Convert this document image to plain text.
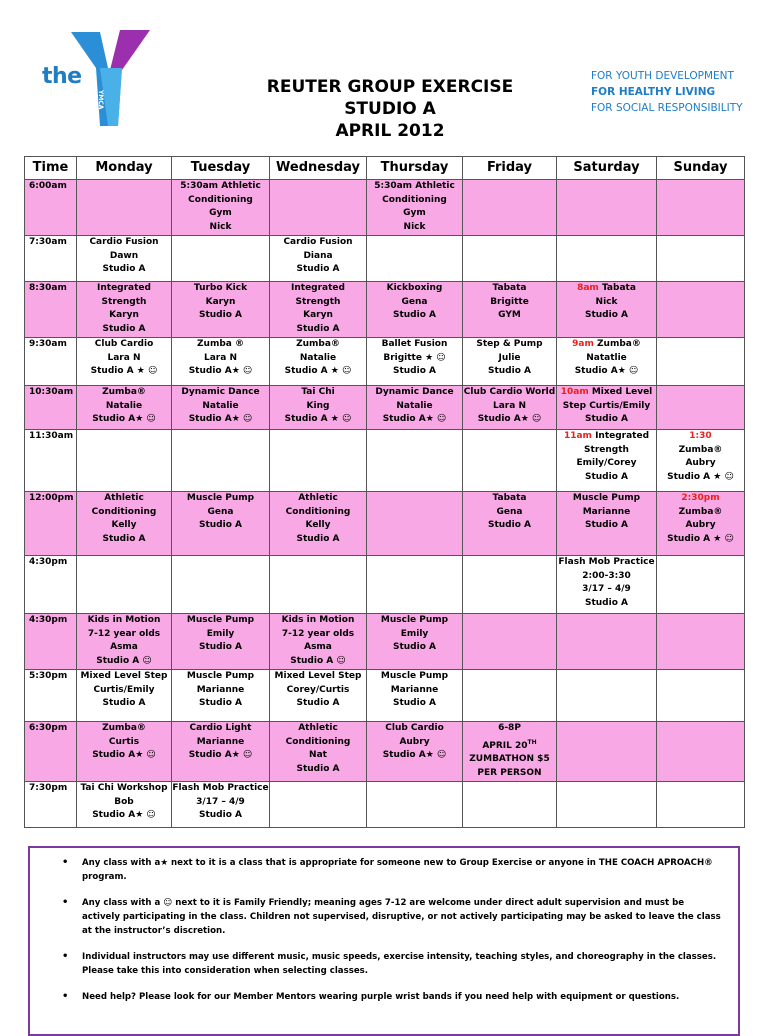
the
YMCA
REUTER GROUP EXERCISE
STUDIO A
APRIL 2012
FOR YOUTH DEVELOPMENT
FOR HEALTHY LIVING
FOR SOCIAL RESPONSIBILITY
Time	Monday	Tuesday	Wednesday	Thursday	Friday	Saturday	Sunday
6:00am		5:30am Athletic
Conditioning
Gym
Nick		5:30am Athletic
Conditioning
Gym
Nick			

7:30am	Cardio Fusion
Dawn
Studio A		Cardio Fusion
Diana
Studio A				

8:30am	Integrated
Strength
Karyn
Studio A	Turbo Kick
Karyn
Studio A	Integrated
Strength
Karyn
Studio A	Kickboxing
Gena
Studio A	Tabata
Brigitte
GYM	8am Tabata
Nick
Studio A	

9:30am	Club Cardio
Lara N
Studio A ★ ☺	Zumba ®
Lara N
Studio A★ ☺	Zumba®
Natalie
Studio A ★ ☺	Ballet Fusion
Brigitte ★ ☺
Studio A	Step & Pump
Julie
Studio A	9am Zumba®
Natatlie
Studio A★ ☺	

10:30am	Zumba®
Natalie
Studio A★ ☺	Dynamic Dance
Natalie
Studio A★ ☺	Tai Chi
King
Studio A ★ ☺	Dynamic Dance
Natalie
Studio A★ ☺	Club Cardio World
Lara N
Studio A★ ☺	10am Mixed Level
Step Curtis/Emily
Studio A	

11:30am						11am Integrated
Strength
Emily/Corey
Studio A	1:30
Zumba®
Aubry
Studio A ★ ☺

12:00pm	Athletic
Conditioning
Kelly
Studio A	Muscle Pump
Gena
Studio A	Athletic
Conditioning
Kelly
Studio A		Tabata
Gena
Studio A	Muscle Pump
Marianne
Studio A	2:30pm
Zumba®
Aubry
Studio A ★ ☺

4:30pm						Flash Mob Practice
2:00-3:30
3/17 – 4/9
Studio A	

4:30pm	Kids in Motion
7-12 year olds
Asma
Studio A ☺	Muscle Pump
Emily
Studio A	Kids in Motion
7-12 year olds
Asma
Studio A ☺	Muscle Pump
Emily
Studio A			

5:30pm	Mixed Level Step
Curtis/Emily
Studio A	Muscle Pump
Marianne
Studio A	Mixed Level Step
Corey/Curtis
Studio A	Muscle Pump
Marianne
Studio A			

6:30pm	Zumba®
Curtis
Studio A★ ☺	Cardio Light
Marianne
Studio A★ ☺	Athletic
Conditioning
Nat
Studio A	Club Cardio
Aubry
Studio A★ ☺	6-8P
APRIL 20TH
ZUMBATHON $5
PER PERSON		

7:30pm	Tai Chi Workshop
Bob
Studio A★ ☺	Flash Mob Practice
3/17 – 4/9
Studio A					

• Any class with a★ next to it is a class that is appropriate for someone new to Group Exercise or anyone in THE COACH APROACH® program.
• Any class with a ☺ next to it is Family Friendly; meaning ages 7-12 are welcome under direct adult supervision and must be actively participating in the class. Children not supervised, disruptive, or not actively participating may be asked to leave the class at the instructor’s discretion.
• Individual instructors may use different music, music speeds, exercise intensity, teaching styles, and choreography in the classes. Please take this into consideration when selecting classes.
• Need help? Please look for our Member Mentors wearing purple wrist bands if you need help with equipment or questions.
